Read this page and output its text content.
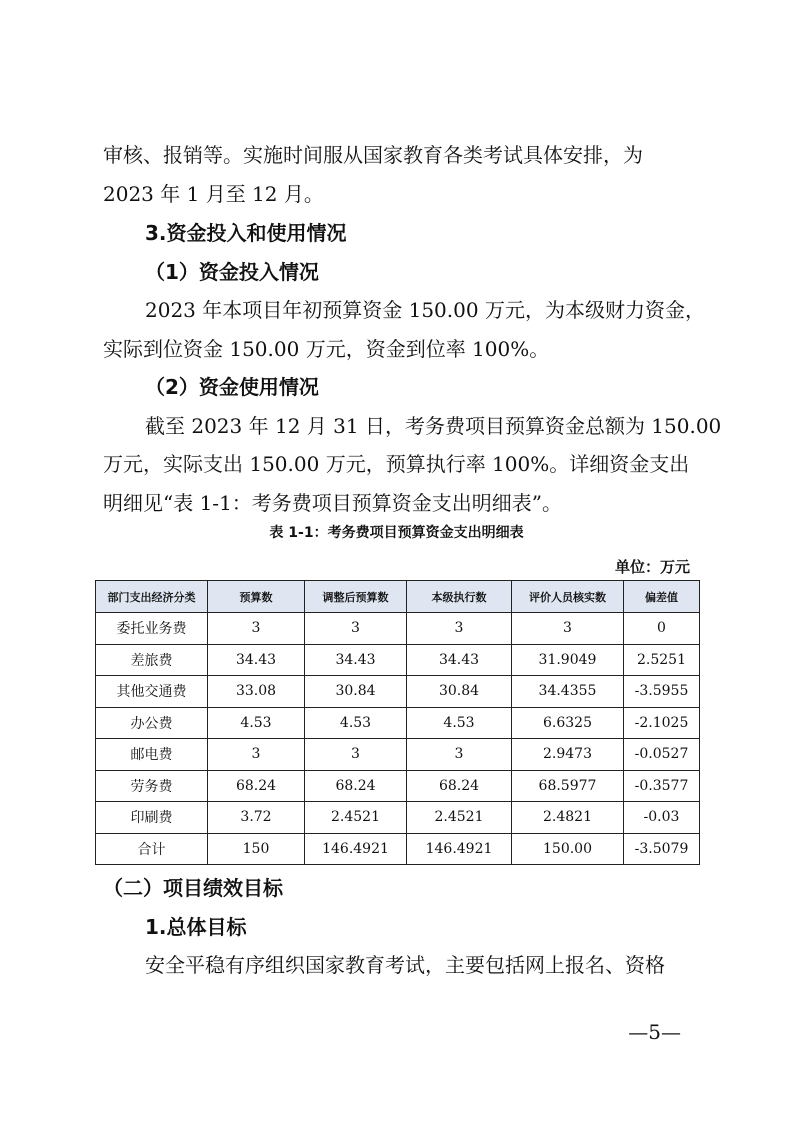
审核、报销等。实施时间服从国家教育各类考试具体安排，为
2023 年 1 月至 12 月。
3.资金投入和使用情况
（1）资金投入情况
2023 年本项目年初预算资金 150.00 万元，为本级财力资金，
实际到位资金 150.00 万元，资金到位率 100%。
（2）资金使用情况
截至 2023 年 12 月 31 日，考务费项目预算资金总额为 150.00
万元，实际支出 150.00 万元，预算执行率 100%。详细资金支出
明细见“表 1-1：考务费项目预算资金支出明细表”。
表 1-1：考务费项目预算资金支出明细表
单位：万元
部门支出经济分类	预算数	调整后预算数	本级执行数	评价人员核实数	偏差值
委托业务费	3	3	3	3	0
差旅费	34.43	34.43	34.43	31.9049	2.5251
其他交通费	33.08	30.84	30.84	34.4355	-3.5955
办公费	4.53	4.53	4.53	6.6325	-2.1025
邮电费	3	3	3	2.9473	-0.0527
劳务费	68.24	68.24	68.24	68.5977	-0.3577
印刷费	3.72	2.4521	2.4521	2.4821	-0.03
合计	150	146.4921	146.4921	150.00	-3.5079
（二）项目绩效目标
1.总体目标
安全平稳有序组织国家教育考试，主要包括网上报名、资格
—5—
